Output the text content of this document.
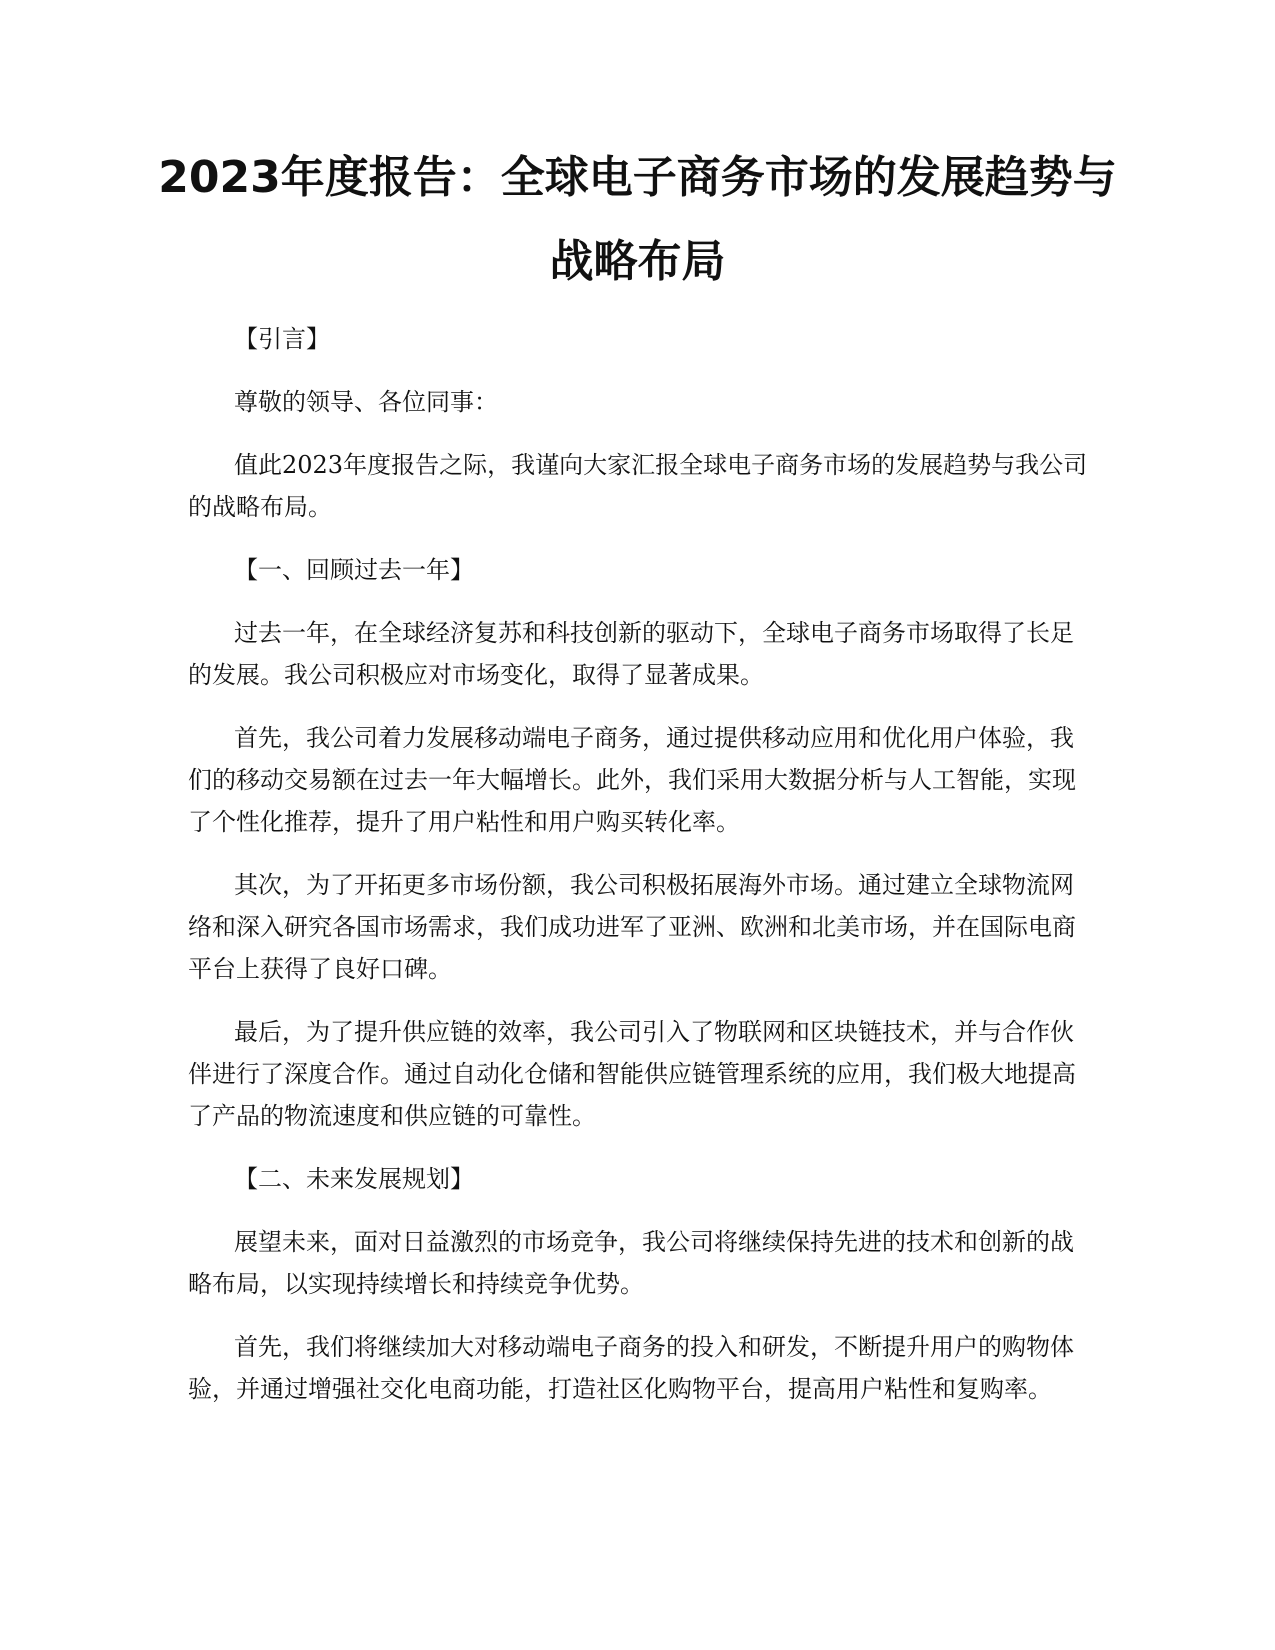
2023年度报告：全球电子商务市场的发展趋势与战略布局

【引言】

尊敬的领导、各位同事：

值此2023年度报告之际，我谨向大家汇报全球电子商务市场的发展趋势与我公司的战略布局。

【一、回顾过去一年】

过去一年，在全球经济复苏和科技创新的驱动下，全球电子商务市场取得了长足的发展。我公司积极应对市场变化，取得了显著成果。

首先，我公司着力发展移动端电子商务，通过提供移动应用和优化用户体验，我们的移动交易额在过去一年大幅增长。此外，我们采用大数据分析与人工智能，实现了个性化推荐，提升了用户粘性和用户购买转化率。

其次，为了开拓更多市场份额，我公司积极拓展海外市场。通过建立全球物流网络和深入研究各国市场需求，我们成功进军了亚洲、欧洲和北美市场，并在国际电商平台上获得了良好口碑。

最后，为了提升供应链的效率，我公司引入了物联网和区块链技术，并与合作伙伴进行了深度合作。通过自动化仓储和智能供应链管理系统的应用，我们极大地提高了产品的物流速度和供应链的可靠性。

【二、未来发展规划】

展望未来，面对日益激烈的市场竞争，我公司将继续保持先进的技术和创新的战略布局，以实现持续增长和持续竞争优势。

首先，我们将继续加大对移动端电子商务的投入和研发，不断提升用户的购物体验，并通过增强社交化电商功能，打造社区化购物平台，提高用户粘性和复购率。
